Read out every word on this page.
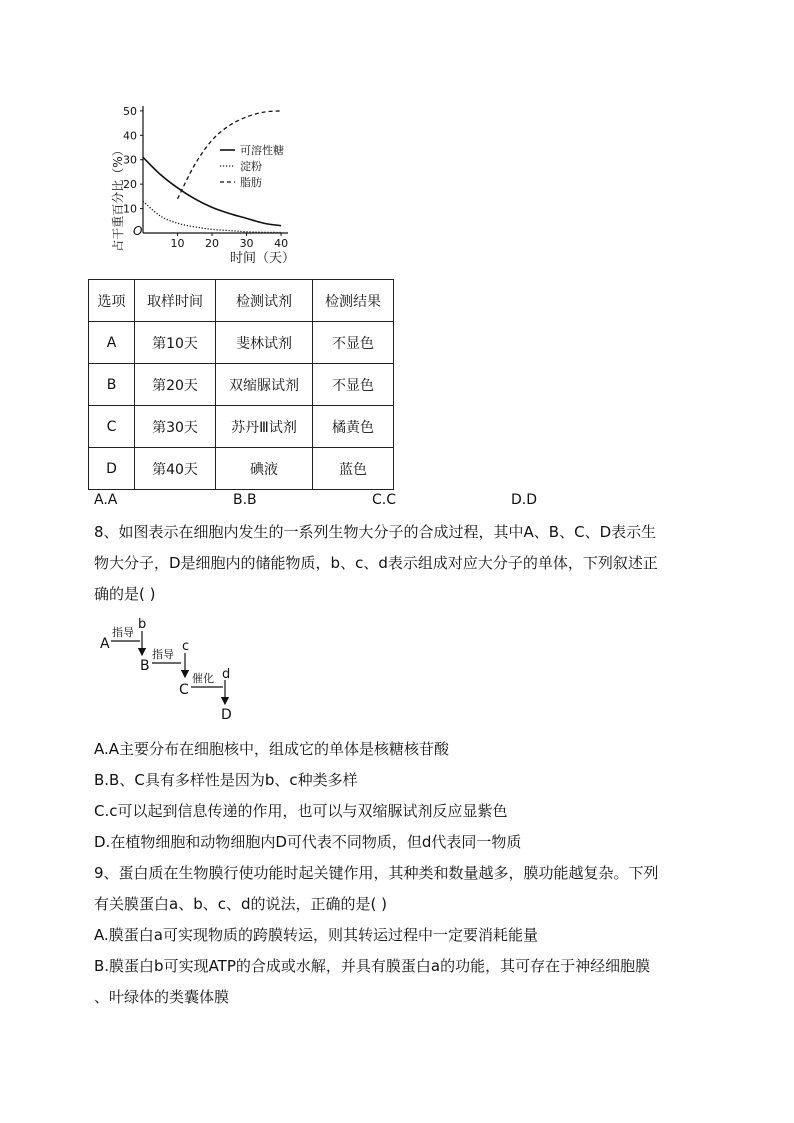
10 20 30 40
10
20
30
40
50
可溶性糖
淀粉
脂肪
占干重百分比（%） O
时间（天）
选项	取样时间	检测试剂	检测结果
A	第10天	斐林试剂	不显色
B	第20天	双缩脲试剂	不显色
C	第30天	苏丹Ⅲ试剂	橘黄色
D	第40天	碘液	蓝色
A.A	B.B	C.C	D.D
8、如图表示在细胞内发生的一系列生物大分子的合成过程，其中A、B、C、D表示生
物大分子，D是细胞内的储能物质，b、c、d表示组成对应大分子的单体，下列叙述正
确的是( )
A
指导
b
B
指导
c
C
催化 d
D
A.A主要分布在细胞核中，组成它的单体是核糖核苷酸
B.B、C具有多样性是因为b、c种类多样
C.c可以起到信息传递的作用，也可以与双缩脲试剂反应显紫色
D.在植物细胞和动物细胞内D可代表不同物质，但d代表同一物质
9、蛋白质在生物膜行使功能时起关键作用，其种类和数量越多，膜功能越复杂。下列
有关膜蛋白a、b、c、d的说法，正确的是( )
A.膜蛋白a可实现物质的跨膜转运，则其转运过程中一定要消耗能量
B.膜蛋白b可实现ATP的合成或水解，并具有膜蛋白a的功能，其可存在于神经细胞膜
、叶绿体的类囊体膜
